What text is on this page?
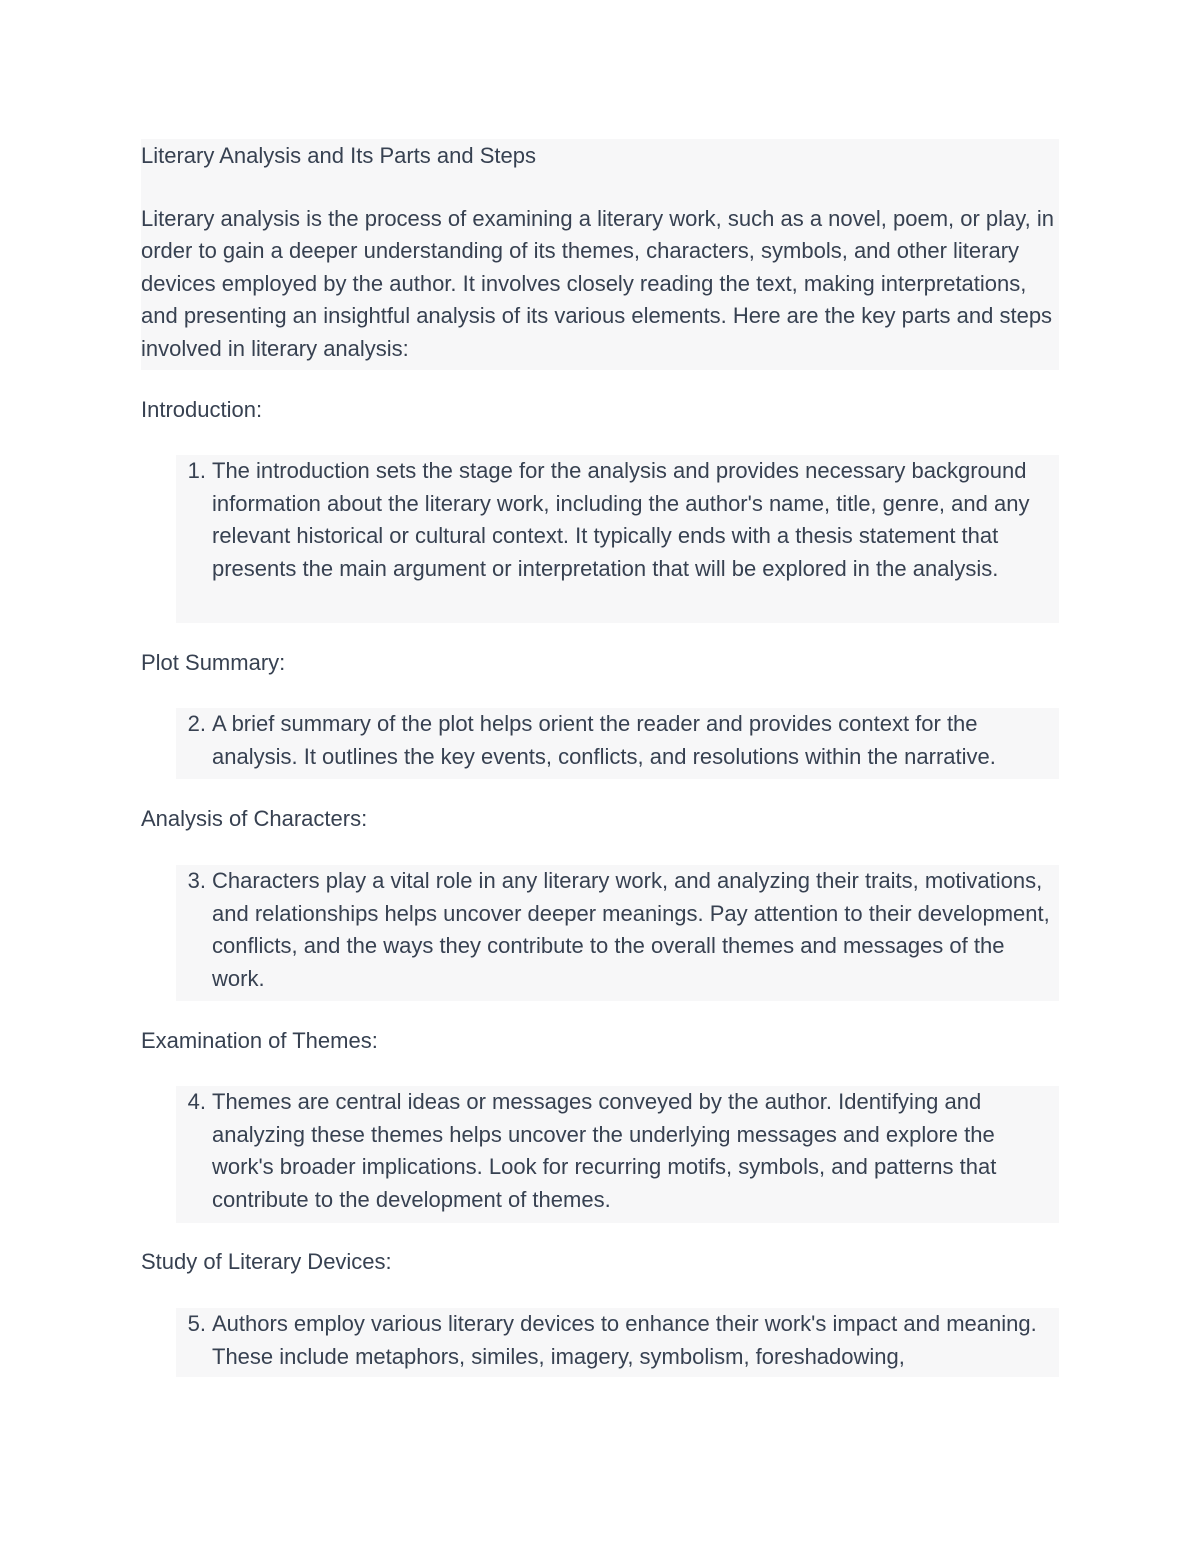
Literary Analysis and Its Parts and Steps

Literary analysis is the process of examining a literary work, such as a novel, poem, or play, in order to gain a deeper understanding of its themes, characters, symbols, and other literary devices employed by the author. It involves closely reading the text, making interpretations, and presenting an insightful analysis of its various elements. Here are the key parts and steps involved in literary analysis:

Introduction:

1. The introduction sets the stage for the analysis and provides necessary background information about the literary work, including the author's name, title, genre, and any relevant historical or cultural context. It typically ends with a thesis statement that presents the main argument or interpretation that will be explored in the analysis.

Plot Summary:

2. A brief summary of the plot helps orient the reader and provides context for the analysis. It outlines the key events, conflicts, and resolutions within the narrative.

Analysis of Characters:

3. Characters play a vital role in any literary work, and analyzing their traits, motivations, and relationships helps uncover deeper meanings. Pay attention to their development, conflicts, and the ways they contribute to the overall themes and messages of the work.

Examination of Themes:

4. Themes are central ideas or messages conveyed by the author. Identifying and analyzing these themes helps uncover the underlying messages and explore the work's broader implications. Look for recurring motifs, symbols, and patterns that contribute to the development of themes.

Study of Literary Devices:

5. Authors employ various literary devices to enhance their work's impact and meaning. These include metaphors, similes, imagery, symbolism, foreshadowing,
